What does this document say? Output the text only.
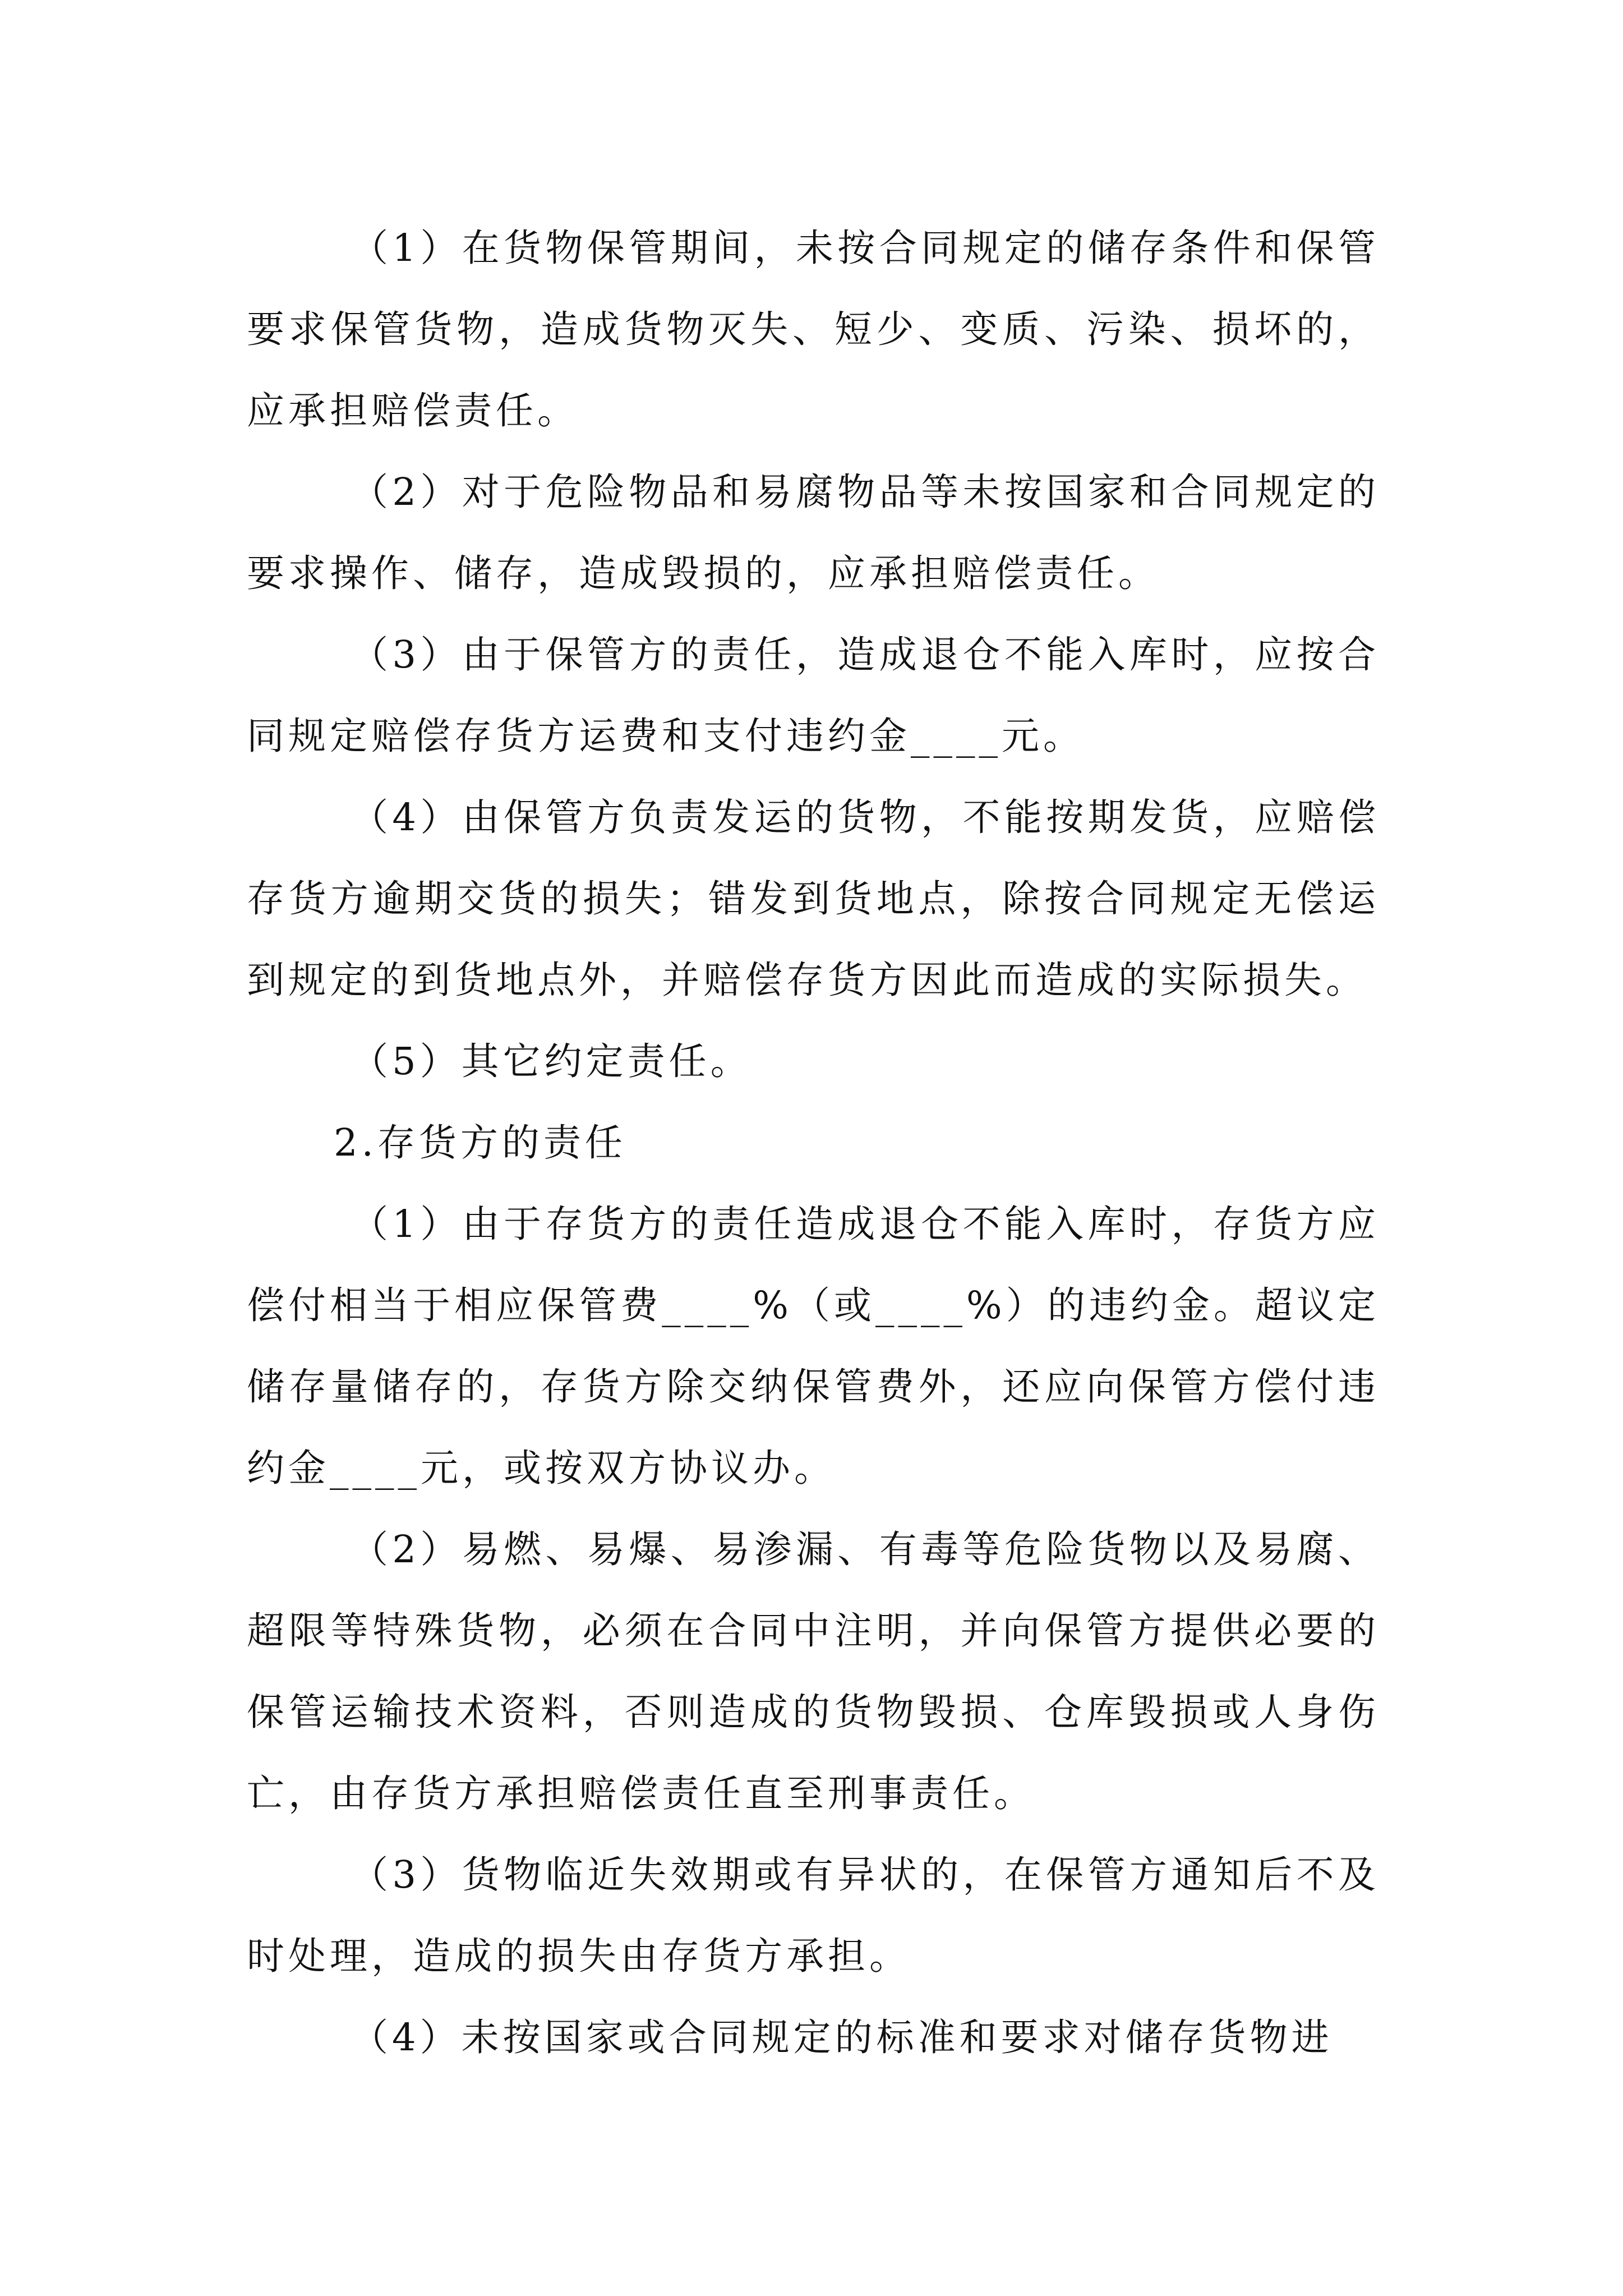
（1）在货物保管期间，未按合同规定的储存条件和保管要求保管货物，造成货物灭失、短少、变质、污染、损坏的，应承担赔偿责任。

（2）对于危险物品和易腐物品等未按国家和合同规定的要求操作、储存，造成毁损的，应承担赔偿责任。

（3）由于保管方的责任，造成退仓不能入库时，应按合同规定赔偿存货方运费和支付违约金____元。

（4）由保管方负责发运的货物，不能按期发货，应赔偿存货方逾期交货的损失；错发到货地点，除按合同规定无偿运到规定的到货地点外，并赔偿存货方因此而造成的实际损失。

（5）其它约定责任。

2.存货方的责任

（1）由于存货方的责任造成退仓不能入库时，存货方应偿付相当于相应保管费____%（或____%）的违约金。超议定储存量储存的，存货方除交纳保管费外，还应向保管方偿付违约金____元，或按双方协议办。

（2）易燃、易爆、易渗漏、有毒等危险货物以及易腐、超限等特殊货物，必须在合同中注明，并向保管方提供必要的保管运输技术资料，否则造成的货物毁损、仓库毁损或人身伤亡，由存货方承担赔偿责任直至刑事责任。

（3）货物临近失效期或有异状的，在保管方通知后不及时处理，造成的损失由存货方承担。

（4）未按国家或合同规定的标准和要求对储存货物进
